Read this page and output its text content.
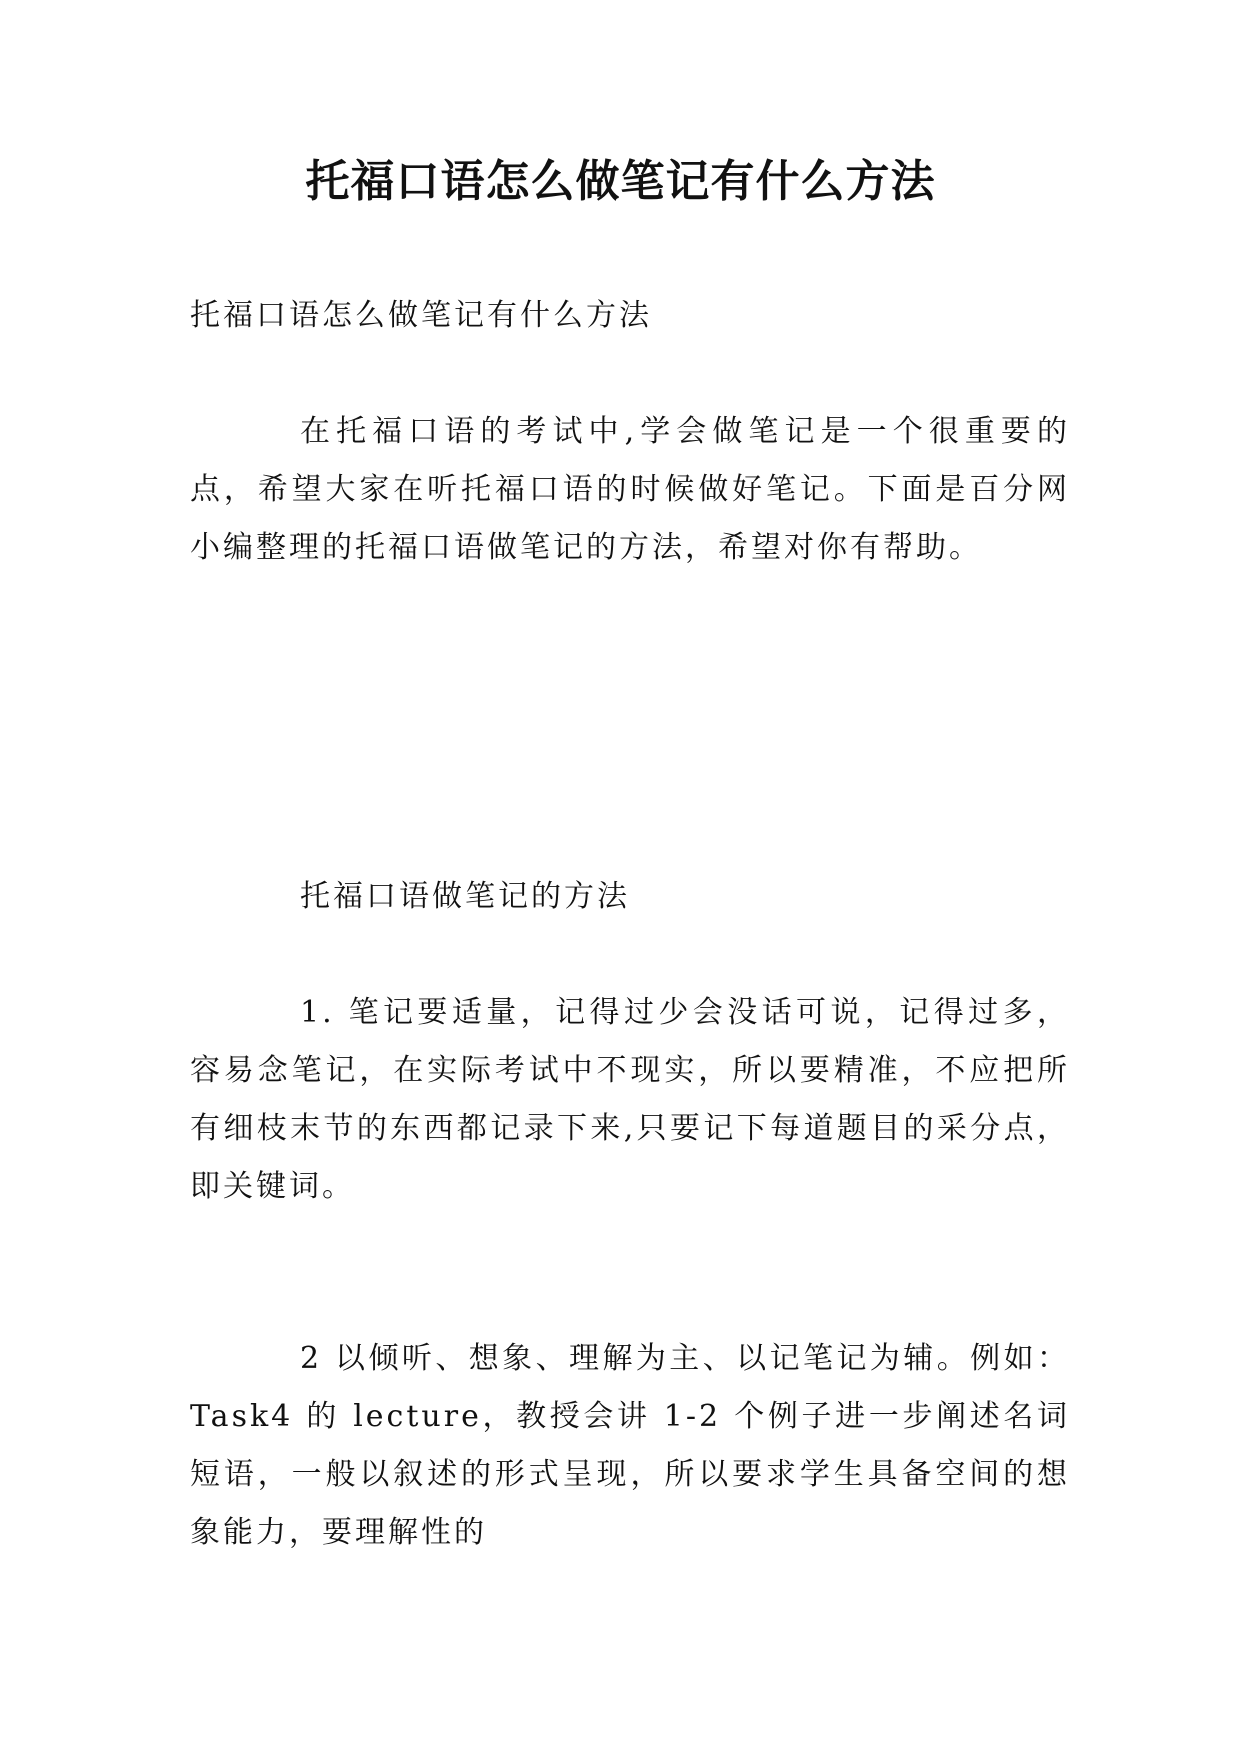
托福口语怎么做笔记有什么方法
托福口语怎么做笔记有什么方法
在托福口语的考试中,学会做笔记是一个很重要的点，希望大家在听托福口语的时候做好笔记。下面是百分网小编整理的托福口语做笔记的方法，希望对你有帮助。
托福口语做笔记的方法
1. 笔记要适量，记得过少会没话可说，记得过多，容易念笔记，在实际考试中不现实，所以要精准，不应把所有细枝末节的东西都记录下来,只要记下每道题目的采分点，即关键词。
2 以倾听、想象、理解为主、以记笔记为辅。例如：Task4 的 lecture，教授会讲 1-2 个例子进一步阐述名词短语，一般以叙述的形式呈现，所以要求学生具备空间的想象能力，要理解性的
